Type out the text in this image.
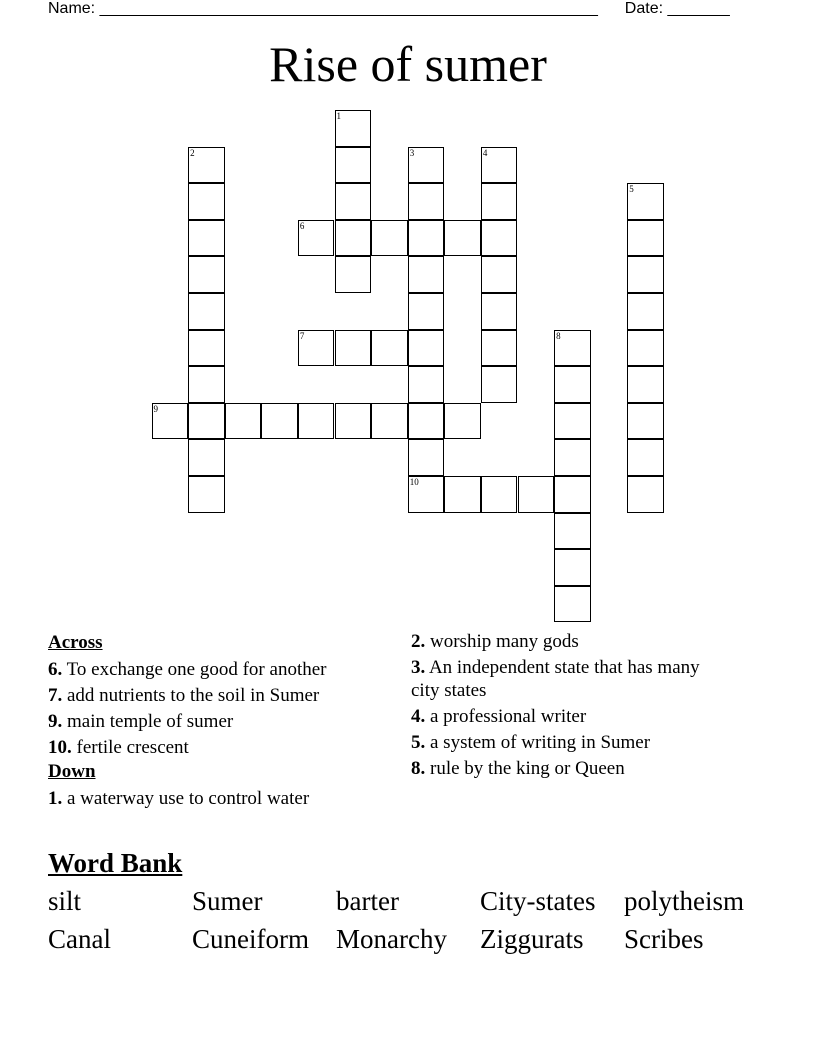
Name: ________________________________________________________ Date: _______
Rise of sumer
1
2	3	4
5
6
7	8
9
10
Across
6. To exchange one good for another
7. add nutrients to the soil in Sumer
9. main temple of sumer
10. fertile crescent
Down
1. a waterway use to control water
2. worship many gods
3. An independent state that has many city states
4. a professional writer
5. a system of writing in Sumer
8. rule by the king or Queen
Word Bank
silt	Sumer	barter	City-states polytheism
Canal	Cuneiform Monarchy Ziggurats Scribes
